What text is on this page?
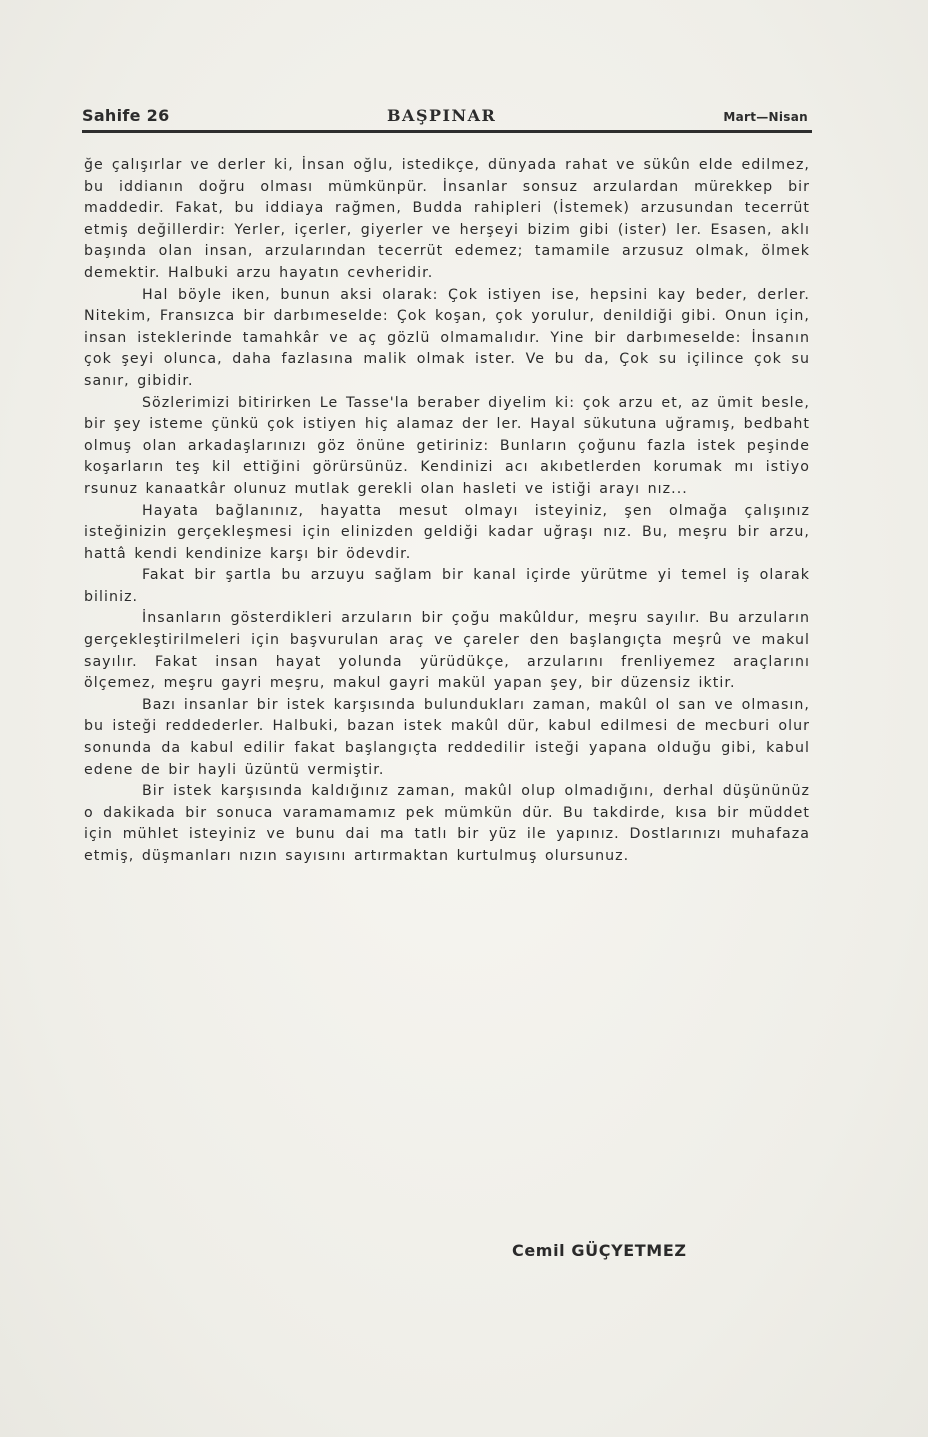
Sahife 26	BAŞPINAR	Mart—Nisan

ğe çalışırlar ve derler ki, İnsan oğlu, istedikçe, dünyada rahat ve sükûn elde edilmez, bu iddianın doğru olması mümkünpür. İnsanlar sonsuz arzulardan mürekkep bir maddedir. Fakat, bu iddiaya rağmen, Budda rahipleri (İstemek) arzusundan tecerrüt etmiş değillerdir: Yerler, içerler, giyerler ve herşeyi bizim gibi (ister) ler. Esasen, aklı başında olan insan, arzularından tecerrüt edemez; tamamile arzusuz olmak, ölmek demektir. Halbuki arzu hayatın cevheridir.

Hal böyle iken, bunun aksi olarak: Çok istiyen ise, hepsini kay beder, derler. Nitekim, Fransızca bir darbımeselde: Çok koşan, çok yorulur, denildiği gibi. Onun için, insan isteklerinde tamahkâr ve aç gözlü olmamalıdır. Yine bir darbımeselde: İnsanın çok şeyi olunca, daha fazlasına malik olmak ister. Ve bu da, Çok su içilince çok su sanır, gibidir.

Sözlerimizi bitirirken Le Tasse'la beraber diyelim ki: çok arzu et, az ümit besle, bir şey isteme çünkü çok istiyen hiç alamaz der ler. Hayal sükutuna uğramış, bedbaht olmuş olan arkadaşlarınızı göz önüne getiriniz: Bunların çoğunu fazla istek peşinde koşarların teş kil ettiğini görürsünüz. Kendinizi acı akıbetlerden korumak mı istiyo rsunuz kanaatkâr olunuz mutlak gerekli olan hasleti ve istiği arayı nız...

Hayata bağlanınız, hayatta mesut olmayı isteyiniz, şen olmağa çalışınız isteğinizin gerçekleşmesi için elinizden geldiği kadar uğraşı nız. Bu, meşru bir arzu, hattâ kendi kendinize karşı bir ödevdir.

Fakat bir şartla bu arzuyu sağlam bir kanal içirde yürütme yi temel iş olarak biliniz.

İnsanların gösterdikleri arzuların bir çoğu makûldur, meşru sayılır. Bu arzuların gerçekleştirilmeleri için başvurulan araç ve çareler den başlangıçta meşrû ve makul sayılır. Fakat insan hayat yolunda yürüdükçe, arzularını frenliyemez araçlarını ölçemez, meşru gayri meşru, makul gayri makül yapan şey, bir düzensiz iktir.

Bazı insanlar bir istek karşısında bulundukları zaman, makûl ol san ve olmasın, bu isteği reddederler. Halbuki, bazan istek makûl dür, kabul edilmesi de mecburi olur sonunda da kabul edilir fakat başlangıçta reddedilir isteği yapana olduğu gibi, kabul edene de bir hayli üzüntü vermiştir.

Bir istek karşısında kaldığınız zaman, makûl olup olmadığını, derhal düşününüz o dakikada bir sonuca varamamamız pek mümkün dür. Bu takdirde, kısa bir müddet için mühlet isteyiniz ve bunu dai ma tatlı bir yüz ile yapınız. Dostlarınızı muhafaza etmiş, düşmanları nızın sayısını artırmaktan kurtulmuş olursunuz.

Cemil GÜÇYETMEZ
